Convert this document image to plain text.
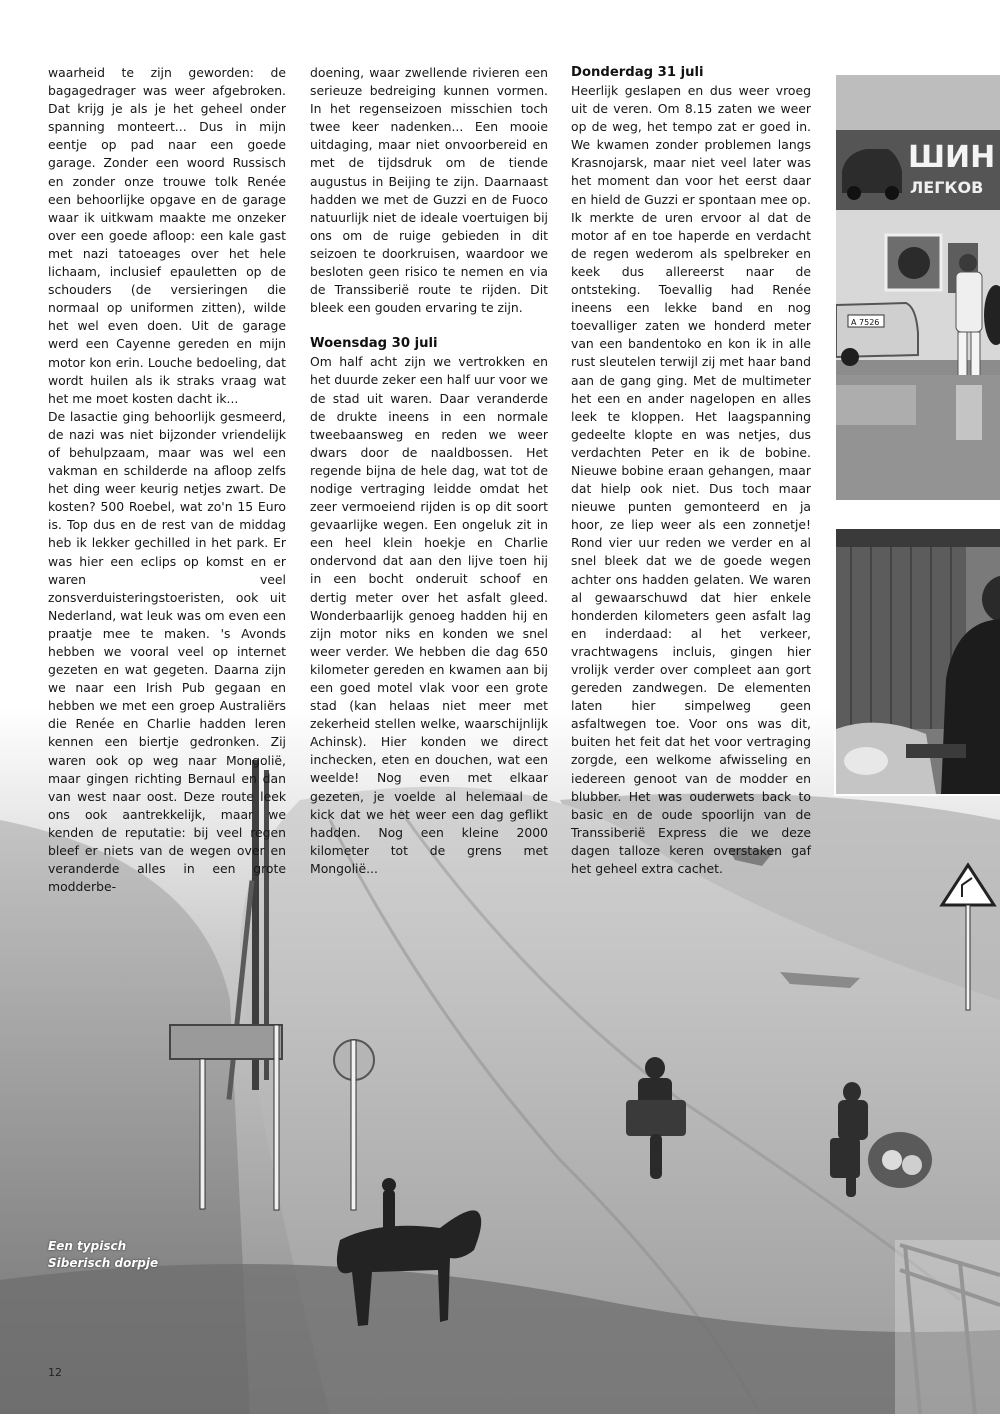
ШИН
ЛЕГКОВ
А 7526

waarheid te zijn geworden: de bagagedrager was weer afgebroken. Dat krijg je als je het geheel onder spanning monteert... Dus in mijn eentje op pad naar een goede garage. Zonder een woord Russisch en zonder onze trouwe tolk Renée een behoorlijke opgave en de garage waar ik uitkwam maakte me onzeker over een goede afloop: een kale gast met nazi tatoeages over het hele lichaam, inclusief epauletten op de schouders (de versieringen die normaal op uniformen zitten), wilde het wel even doen. Uit de garage werd een Cayenne gereden en mijn motor kon erin. Louche bedoeling, dat wordt huilen als ik straks vraag wat het me moet kosten dacht ik...

De lasactie ging behoorlijk gesmeerd, de nazi was niet bijzonder vriendelijk of behulpzaam, maar was wel een vakman en schilderde na afloop zelfs het ding weer keurig netjes zwart. De kosten? 500 Roebel, wat zo'n 15 Euro is. Top dus en de rest van de middag heb ik lekker gechilled in het park. Er was hier een eclips op komst en er waren veel zonsverduisteringstoeristen, ook uit Nederland, wat leuk was om even een praatje mee te maken. 's Avonds hebben we vooral veel op internet gezeten en wat gegeten. Daarna zijn we naar een Irish Pub gegaan en hebben we met een groep Australiërs die Renée en Charlie hadden leren kennen een biertje gedronken. Zij waren ook op weg naar Mongolië, maar gingen richting Bernaul en dan van west naar oost. Deze route leek ons ook aantrekkelijk, maar we kenden de reputatie: bij veel regen bleef er niets van de wegen over en veranderde alles in een grote modderbe-

doening, waar zwellende rivieren een serieuze bedreiging kunnen vormen. In het regenseizoen misschien toch twee keer nadenken... Een mooie uitdaging, maar niet onvoorbereid en met de tijdsdruk om de tiende augustus in Beijing te zijn. Daarnaast hadden we met de Guzzi en de Fuoco natuurlijk niet de ideale voertuigen bij ons om de ruige gebieden in dit seizoen te doorkruisen, waardoor we besloten geen risico te nemen en via de Transsiberië route te rijden. Dit bleek een gouden ervaring te zijn.

Woensdag 30 juli

Om half acht zijn we vertrokken en het duurde zeker een half uur voor we de stad uit waren. Daar veranderde de drukte ineens in een normale tweebaansweg en reden we weer dwars door de naaldbossen. Het regende bijna de hele dag, wat tot de nodige vertraging leidde omdat het zeer vermoeiend rijden is op dit soort gevaarlijke wegen. Een ongeluk zit in een heel klein hoekje en Charlie ondervond dat aan den lijve toen hij in een bocht onderuit schoof en dertig meter over het asfalt gleed. Wonderbaarlijk genoeg hadden hij en zijn motor niks en konden we snel weer verder. We hebben die dag 650 kilometer gereden en kwamen aan bij een goed motel vlak voor een grote stad (kan helaas niet meer met zekerheid stellen welke, waarschijnlijk Achinsk). Hier konden we direct inchecken, eten en douchen, wat een weelde! Nog even met elkaar gezeten, je voelde al helemaal de kick dat we het weer een dag geflikt hadden. Nog een kleine 2000 kilometer tot de grens met Mongolië...

Donderdag 31 juli

Heerlijk geslapen en dus weer vroeg uit de veren. Om 8.15 zaten we weer op de weg, het tempo zat er goed in. We kwamen zonder problemen langs Krasnojarsk, maar niet veel later was het moment dan voor het eerst daar en hield de Guzzi er spontaan mee op. Ik merkte de uren ervoor al dat de motor af en toe haperde en verdacht de regen wederom als spelbreker en keek dus allereerst naar de ontsteking. Toevallig had Renée ineens een lekke band en nog toevalliger zaten we honderd meter van een bandentoko en kon ik in alle rust sleutelen terwijl zij met haar band aan de gang ging. Met de multimeter het een en ander nagelopen en alles leek te kloppen. Het laagspanning gedeelte klopte en was netjes, dus verdachten Peter en ik de bobine. Nieuwe bobine eraan gehangen, maar dat hielp ook niet. Dus toch maar nieuwe punten gemonteerd en ja hoor, ze liep weer als een zonnetje! Rond vier uur reden we verder en al snel bleek dat we de goede wegen achter ons hadden gelaten. We waren al gewaarschuwd dat hier enkele honderden kilometers geen asfalt lag en inderdaad: al het verkeer, vrachtwagens incluis, gingen hier vrolijk verder over compleet aan gort gereden zandwegen. De elementen laten hier simpelweg geen asfaltwegen toe. Voor ons was dit, buiten het feit dat het voor vertraging zorgde, een welkome afwisseling en iedereen genoot van de modder en blubber. Het was ouderwets back to basic en de oude spoorlijn van de Transsiberië Express die we deze dagen talloze keren overstaken gaf het geheel extra cachet.

Een typisch
Siberisch dorpje
12
